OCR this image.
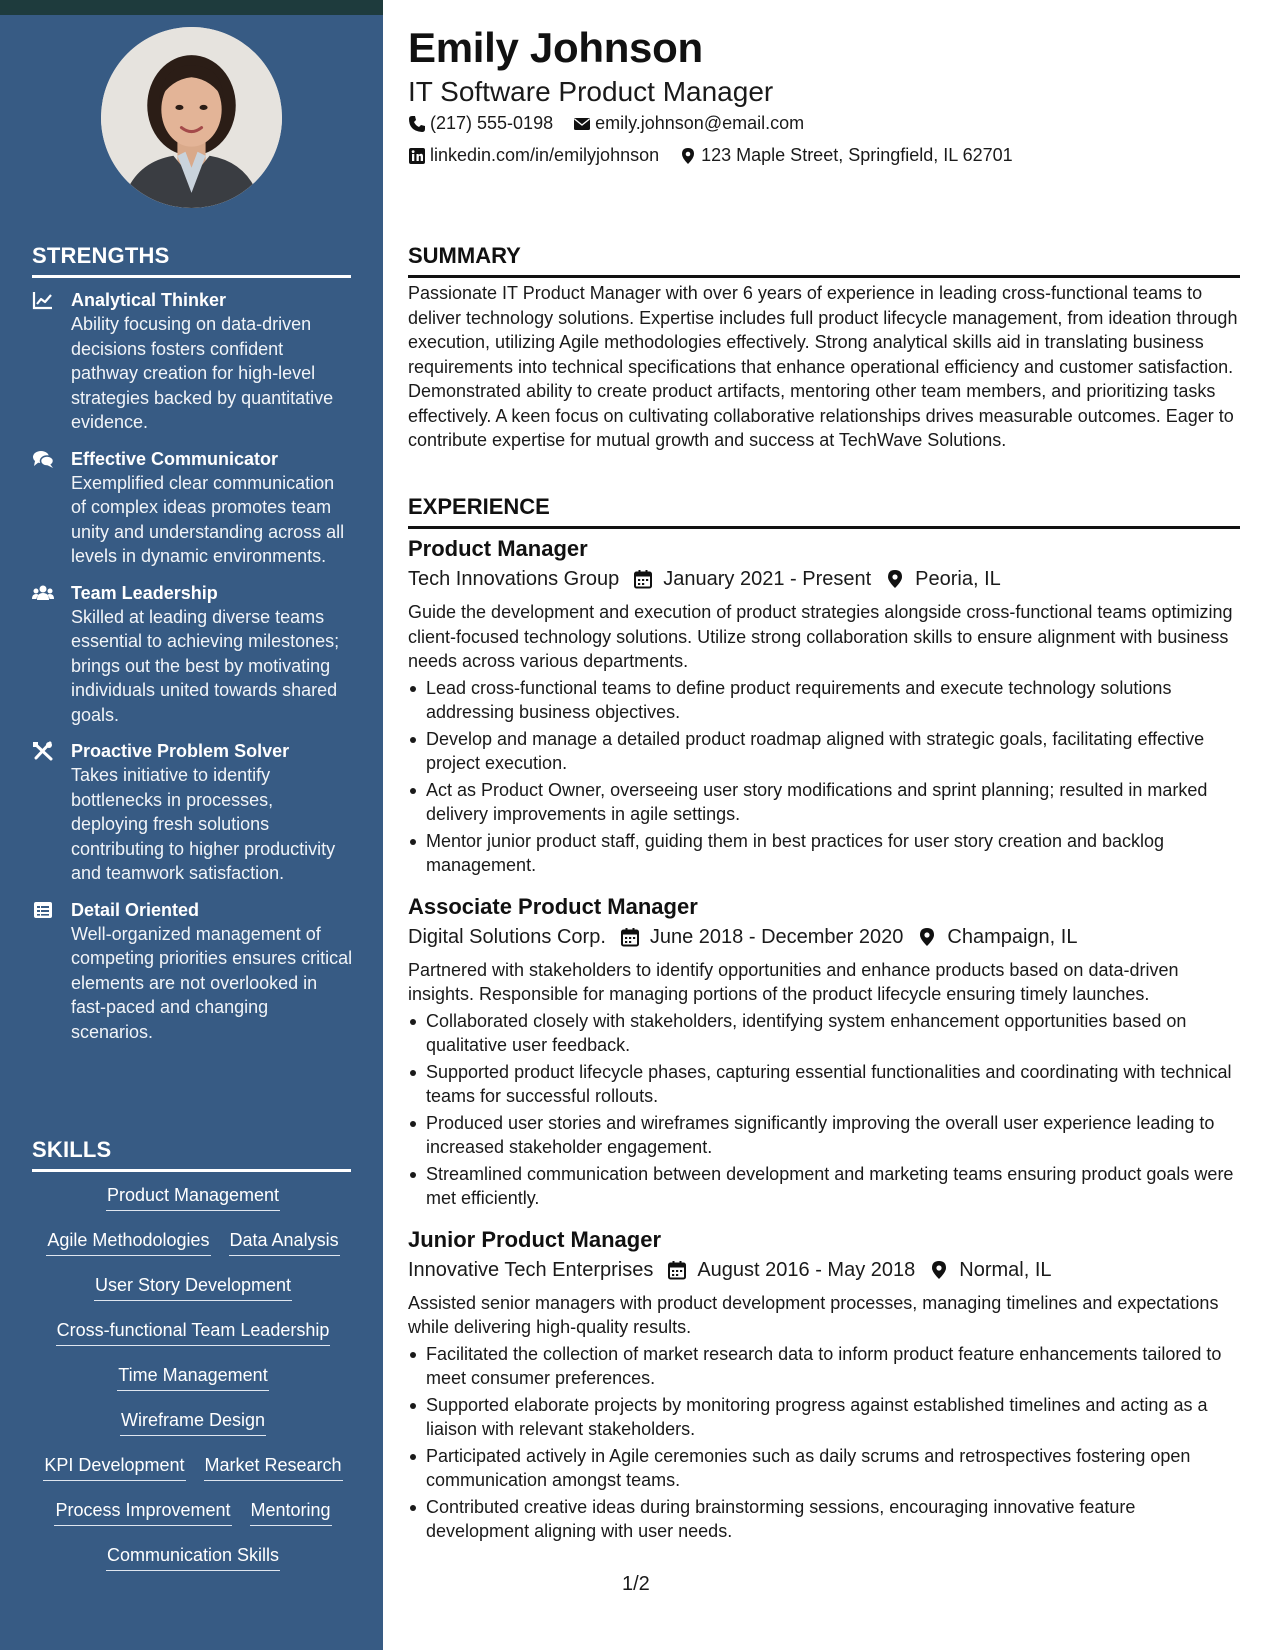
STRENGTHS
Analytical Thinker
Ability focusing on data-driven decisions fosters confident pathway creation for high-level strategies backed by quantitative evidence.
Effective Communicator
Exemplified clear communication of complex ideas promotes team unity and understanding across all levels in dynamic environments.
Team Leadership
Skilled at leading diverse teams essential to achieving milestones; brings out the best by motivating individuals united towards shared goals.
Proactive Problem Solver
Takes initiative to identify bottlenecks in processes, deploying fresh solutions contributing to higher productivity and teamwork satisfaction.
Detail Oriented
Well-organized management of competing priorities ensures critical elements are not overlooked in fast-paced and changing scenarios.
SKILLS
Product Management
Agile Methodologies Data Analysis
User Story Development
Cross-functional Team Leadership
Time Management
Wireframe Design
KPI Development Market Research
Process Improvement Mentoring
Communication Skills
Emily Johnson
IT Software Product Manager
(217) 555-0198 emily.johnson@email.com
linkedin.com/in/emilyjohnson 123 Maple Street, Springfield, IL 62701
SUMMARY

Passionate IT Product Manager with over 6 years of experience in leading cross-functional teams to deliver technology solutions. Expertise includes full product lifecycle management, from ideation through execution, utilizing Agile methodologies effectively. Strong analytical skills aid in translating business requirements into technical specifications that enhance operational efficiency and customer satisfaction. Demonstrated ability to create product artifacts, mentoring other team members, and prioritizing tasks effectively. A keen focus on cultivating collaborative relationships drives measurable outcomes. Eager to contribute expertise for mutual growth and success at TechWave Solutions.

EXPERIENCE
Product Manager
Tech Innovations Group January 2021 - Present Peoria, IL

Guide the development and execution of product strategies alongside cross-functional teams optimizing client-focused technology solutions. Utilize strong collaboration skills to ensure alignment with business needs across various departments.

Lead cross-functional teams to define product requirements and execute technology solutions addressing business objectives.
Develop and manage a detailed product roadmap aligned with strategic goals, facilitating effective project execution.
Act as Product Owner, overseeing user story modifications and sprint planning; resulted in marked delivery improvements in agile settings.
Mentor junior product staff, guiding them in best practices for user story creation and backlog management.
Associate Product Manager
Digital Solutions Corp. June 2018 - December 2020 Champaign, IL

Partnered with stakeholders to identify opportunities and enhance products based on data-driven insights. Responsible for managing portions of the product lifecycle ensuring timely launches.

Collaborated closely with stakeholders, identifying system enhancement opportunities based on qualitative user feedback.
Supported product lifecycle phases, capturing essential functionalities and coordinating with technical teams for successful rollouts.
Produced user stories and wireframes significantly improving the overall user experience leading to increased stakeholder engagement.
Streamlined communication between development and marketing teams ensuring product goals were met efficiently.
Junior Product Manager
Innovative Tech Enterprises August 2016 - May 2018 Normal, IL

Assisted senior managers with product development processes, managing timelines and expectations while delivering high-quality results.

Facilitated the collection of market research data to inform product feature enhancements tailored to meet consumer preferences.
Supported elaborate projects by monitoring progress against established timelines and acting as a liaison with relevant stakeholders.
Participated actively in Agile ceremonies such as daily scrums and retrospectives fostering open communication amongst teams.
Contributed creative ideas during brainstorming sessions, encouraging innovative feature development aligning with user needs.
1/2
